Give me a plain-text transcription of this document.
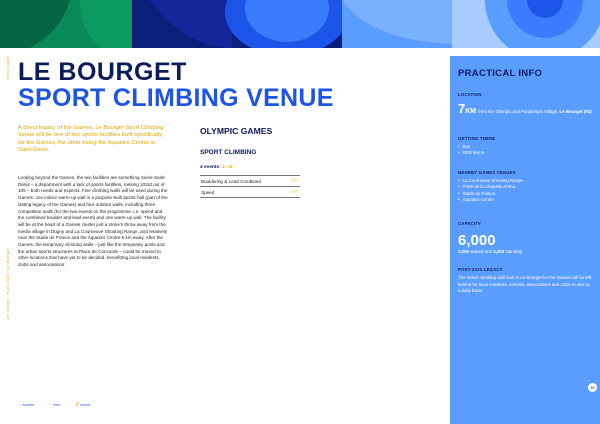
Venue guide
Les venues · Paris 2024 · Le Bourget
LE BOURGET
SPORT CLIMBING VENUE
A direct legacy of the Games, Le Bourget Sport Climbing Venue will be one of two sports facilities built specifically for the Games, the other being the Aquatics Centre in Saint-Denis.
Looking beyond the Games, the two facilities are something Seine-Saint-Denis – a department with a lack of sports facilities, ranking 103rd out of 105 – both needs and expects. Five climbing walls will be used during the Games: one indoor warm-up wall in a purpose-built sports hall (part of the lasting legacy of the Games) and four outdoor walls, including three competition walls (for the two events on the programme, i.e. speed and the combined boulder and lead event) and one warm-up wall. The facility will be at the heart of a Games cluster just a stone's throw away from the media village in Dugny and La Courneuve Shooting Range, and relatively near the Stade de France and the Aquatics Centre 5 km away. After the Games, the temporary climbing walls – just like the temporary pools and the urban sports structures at Place de Concorde – could be moved to other locations that have yet to be decided, benefitting local residents, clubs and associations.
OLYMPIC GAMES
SPORT CLIMBING
4 events: 2♀/2♂
Bouldering & Lead Combined	♀/♂
Speed	♀/♂
♀ women	♂ men	⚥ mixed
PRACTICAL INFO
LOCATION
7KM from the Olympic and Paralympic Village, Le Bourget (93)
GETTING THERE
• Bus
• RER line B
NEARBY GAMES VENUES
• La Courneuve Shooting Range
• Porte de la Chapelle Arena
• Stade de France
• Aquatics Centre
CAPACITY
6,000
3,000 seated and 3,000 standing
POST-2024 LEGACY
The indoor climbing wall built in Le Bourget for the Games will be left behind for local residents, schools, associations and clubs to use on a daily basis.
39
